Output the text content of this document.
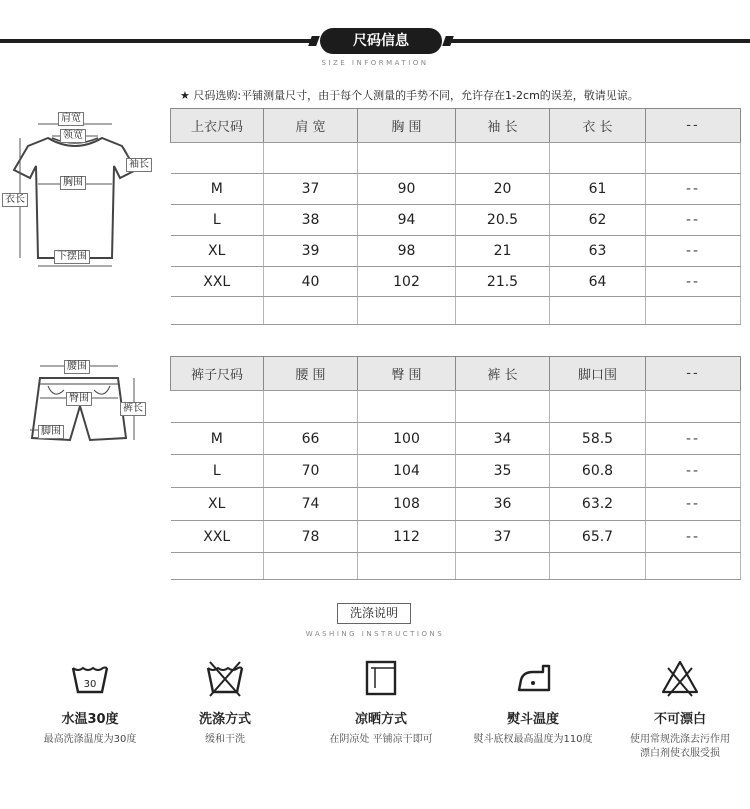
尺码信息
SIZE INFORMATION
★ 尺码选购:平铺测量尺寸，由于每个人测量的手势不同，允许存在1-2cm的误差，敬请见谅。
肩宽
领宽
袖长
胸围
衣长
下摆围
上衣尺码	肩 宽	胸 围	袖 长	衣 长	--

M	37	90	20	61	--
L	38	94	20.5	62	--
XL	39	98	21	63	--
XXL	40	102	21.5	64	--

腰围
臀围
裤长
脚围
裤子尺码	腰 围	臀 围	裤 长	脚口围	--

M	66	100	34	58.5	--
L	70	104	35	60.8	--
XL	74	108	36	63.2	--
XXL	78	112	37	65.7	--

洗涤说明
WASHING INSTRUCTIONS
30
水温30度
最高洗涤温度为30度
洗涤方式
缓和干洗
凉晒方式
在阴凉处 平铺凉干即可
熨斗温度
熨斗底杈最高温度为110度
不可漂白
使用常规洗涤去污作用
漂白剂使衣服受损
